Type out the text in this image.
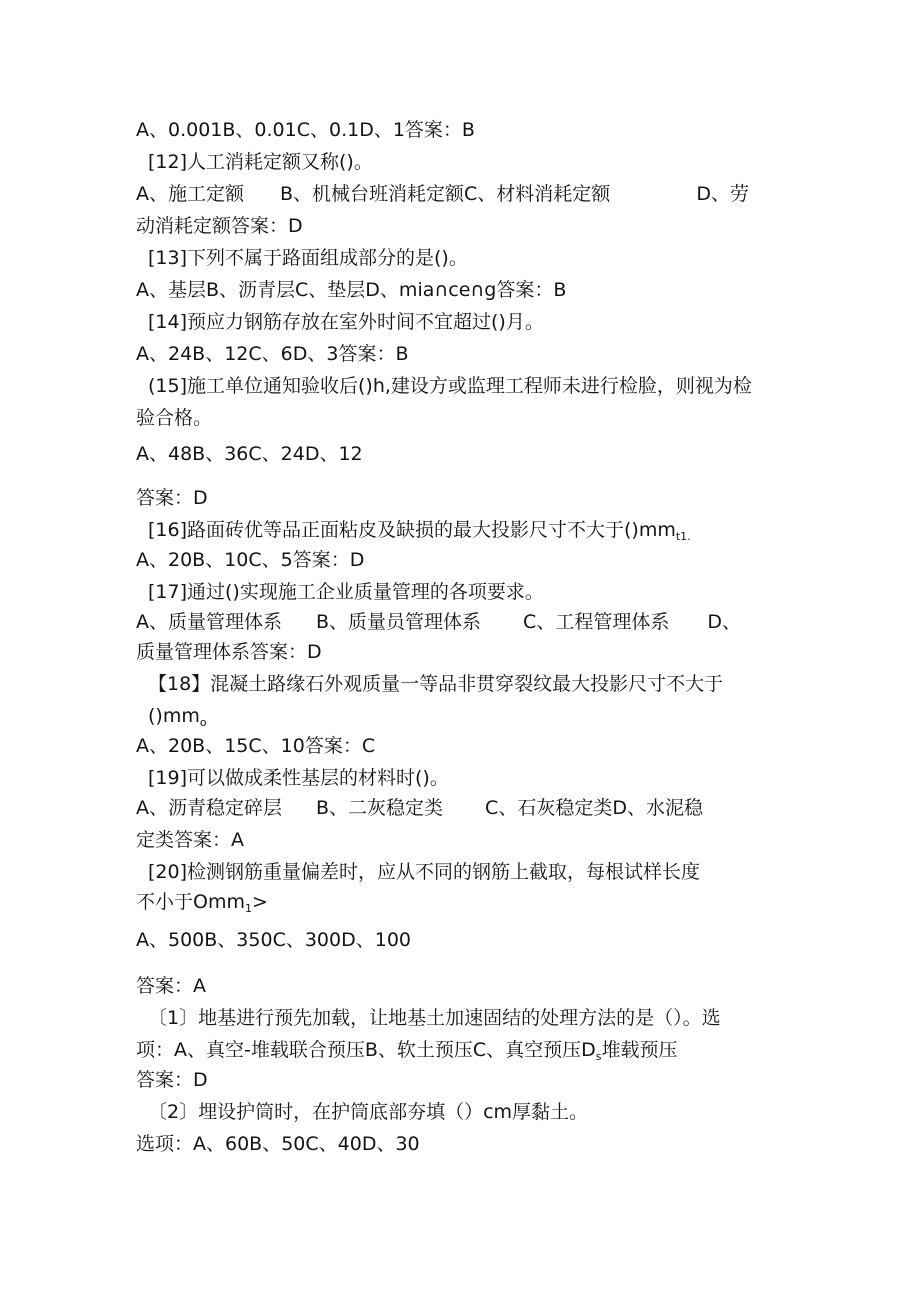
A、0.001B、0.01C、0.1D、1答案：B
[12]人工消耗定额又称()。
A、施工定额 B、机械台班消耗定额C、材料消耗定额	D、劳
动消耗定额答案：D
[13]下列不属于路面组成部分的是()。
A、基层B、沥青层C、垫层D、mia∩ce∩g答案：B
[14]预应力钢筋存放在室外时间不宜超过()月。
A、24B、12C、6D、3答案：B
(15]施工单位通知验收后()h,建设方或监理工程师未进行检脸，则视为检
验合格。
A、48B、36C、24D、12
答案：D
[16]路面砖优等品正面粘皮及缺损的最大投影尺寸不大于$()mm_{t1.}$
A、20B、10C、5答案：D
[17]通过()实现施工企业质量管理的各项要求。
A、质量管理体系 B、质量员管理体系 C、工程管理体系 D、
质量管理体系答案：D
【18】混凝土路缘石外观质量一等品非贯穿裂纹最大投影尺寸不大于
$()mm_o$
A、20B、15C、10答案：C
[19]可以做成柔性基层的材料时()。
A、沥青稳定碎层 B、二灰稳定类 C、石灰稳定类D、水泥稳
定类答案：A
[20]检测钢筋重量偏差时，应从不同的钢筋上截取，每根试样长度
不小于Omm$_1$>
A、500B、350C、300D、100
答案：A
〔1〕地基进行预先加载，让地基土加速固结的处理方法的是（）。选
项：A、真空-堆载联合预压B、软土预压C、真空预压$D_s$堆载预压
答案：D
〔2〕埋设护筒时，在护筒底部夯填（）cm厚黏土。
选项：A、60B、50C、40D、30
